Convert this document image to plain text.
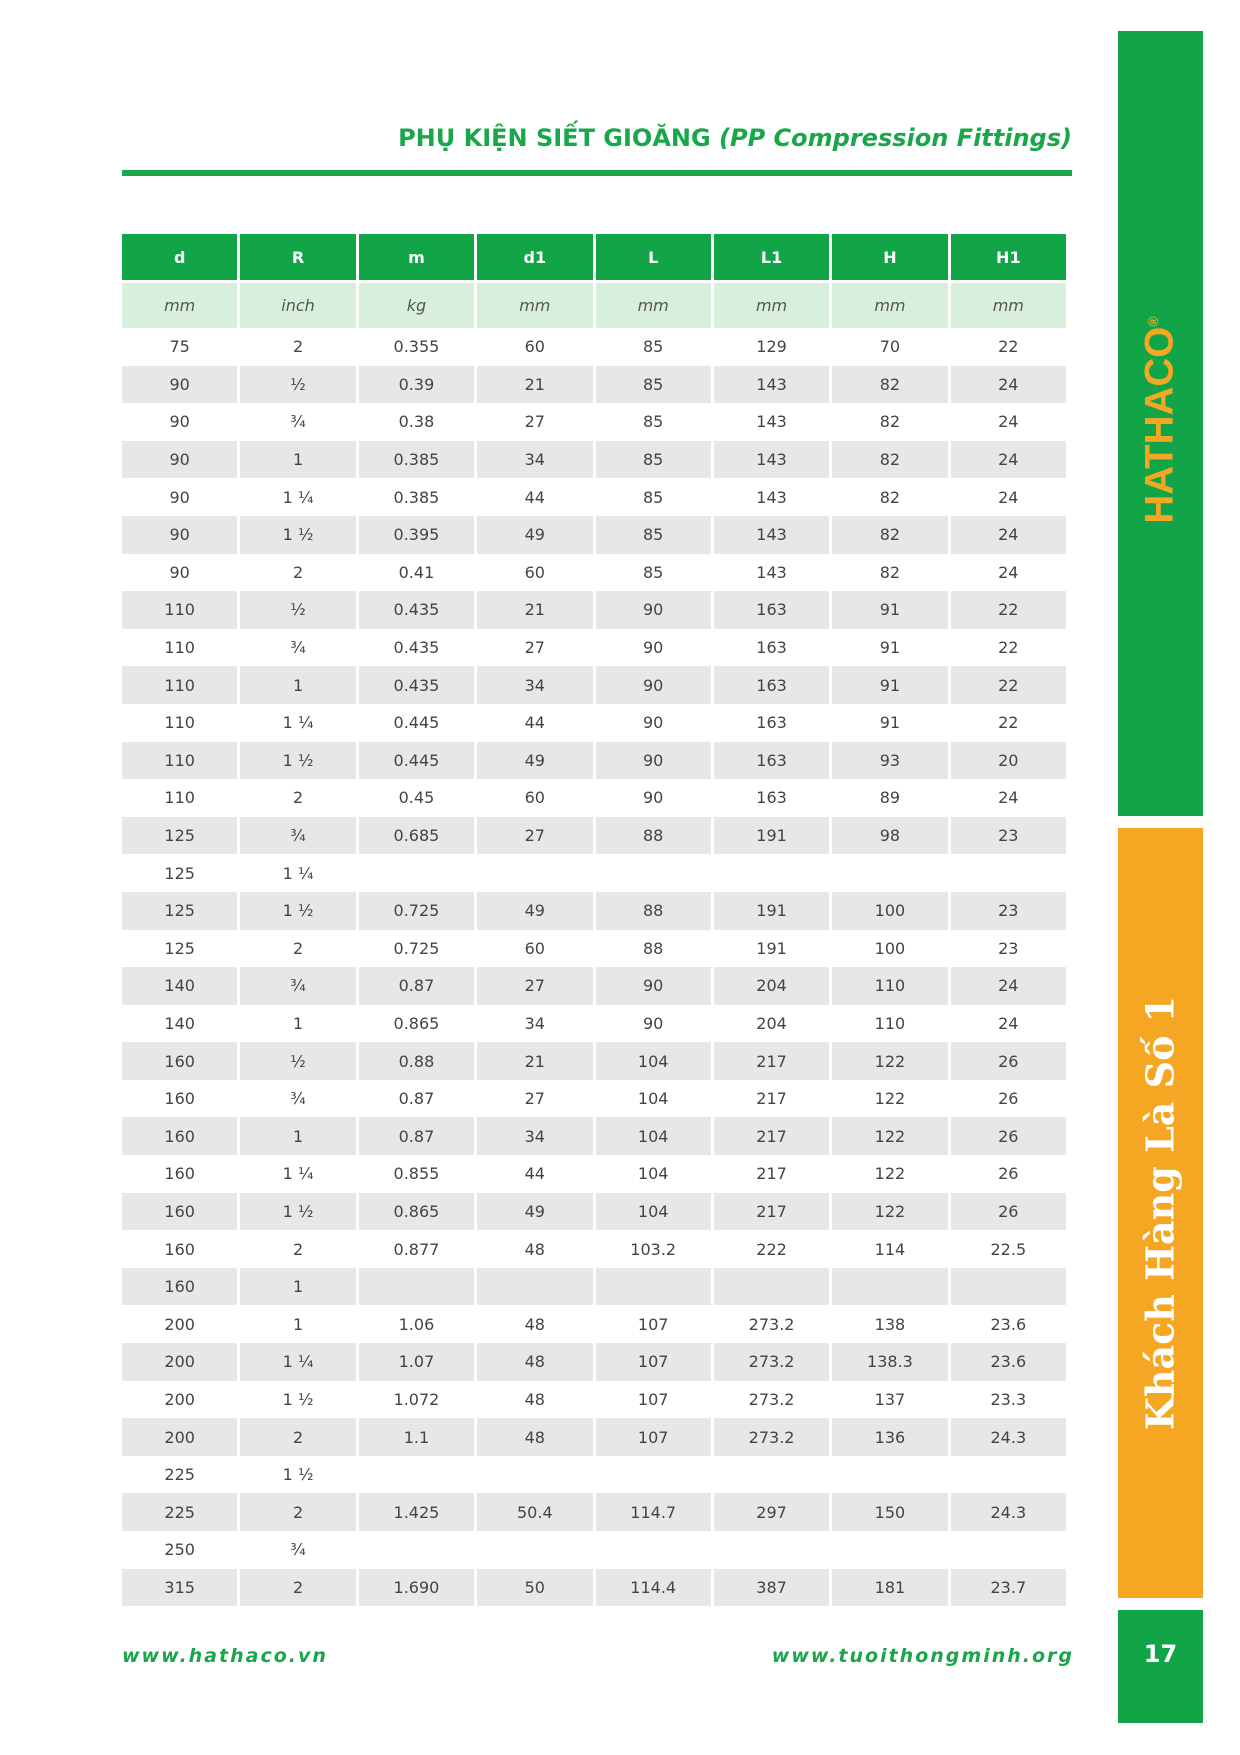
PHỤ KIỆN SIẾT GIOĂNG (PP Compression Fittings)
d	R	m	d1	L	L1	H	H1
mm	inch	kg	mm	mm	mm	mm	mm
75	2	0.355	60	85	129	70	22
90	½	0.39	21	85	143	82	24
90	¾	0.38	27	85	143	82	24
90	1	0.385	34	85	143	82	24
90	1 ¼	0.385	44	85	143	82	24
90	1 ½	0.395	49	85	143	82	24
90	2	0.41	60	85	143	82	24
110	½	0.435	21	90	163	91	22
110	¾	0.435	27	90	163	91	22
110	1	0.435	34	90	163	91	22
110	1 ¼	0.445	44	90	163	91	22
110	1 ½	0.445	49	90	163	93	20
110	2	0.45	60	90	163	89	24
125	¾	0.685	27	88	191	98	23
125	1 ¼						
125	1 ½	0.725	49	88	191	100	23
125	2	0.725	60	88	191	100	23
140	¾	0.87	27	90	204	110	24
140	1	0.865	34	90	204	110	24
160	½	0.88	21	104	217	122	26
160	¾	0.87	27	104	217	122	26
160	1	0.87	34	104	217	122	26
160	1 ¼	0.855	44	104	217	122	26
160	1 ½	0.865	49	104	217	122	26
160	2	0.877	48	103.2	222	114	22.5
160	1						
200	1	1.06	48	107	273.2	138	23.6
200	1 ¼	1.07	48	107	273.2	138.3	23.6
200	1 ½	1.072	48	107	273.2	137	23.3
200	2	1.1	48	107	273.2	136	24.3
225	1 ½						
225	2	1.425	50.4	114.7	297	150	24.3
250	¾						
315	2	1.690	50	114.4	387	181	23.7
HATHACO®
Khách Hàng Là Số 1
17
www.hathaco.vn	www.tuoithongminh.org
